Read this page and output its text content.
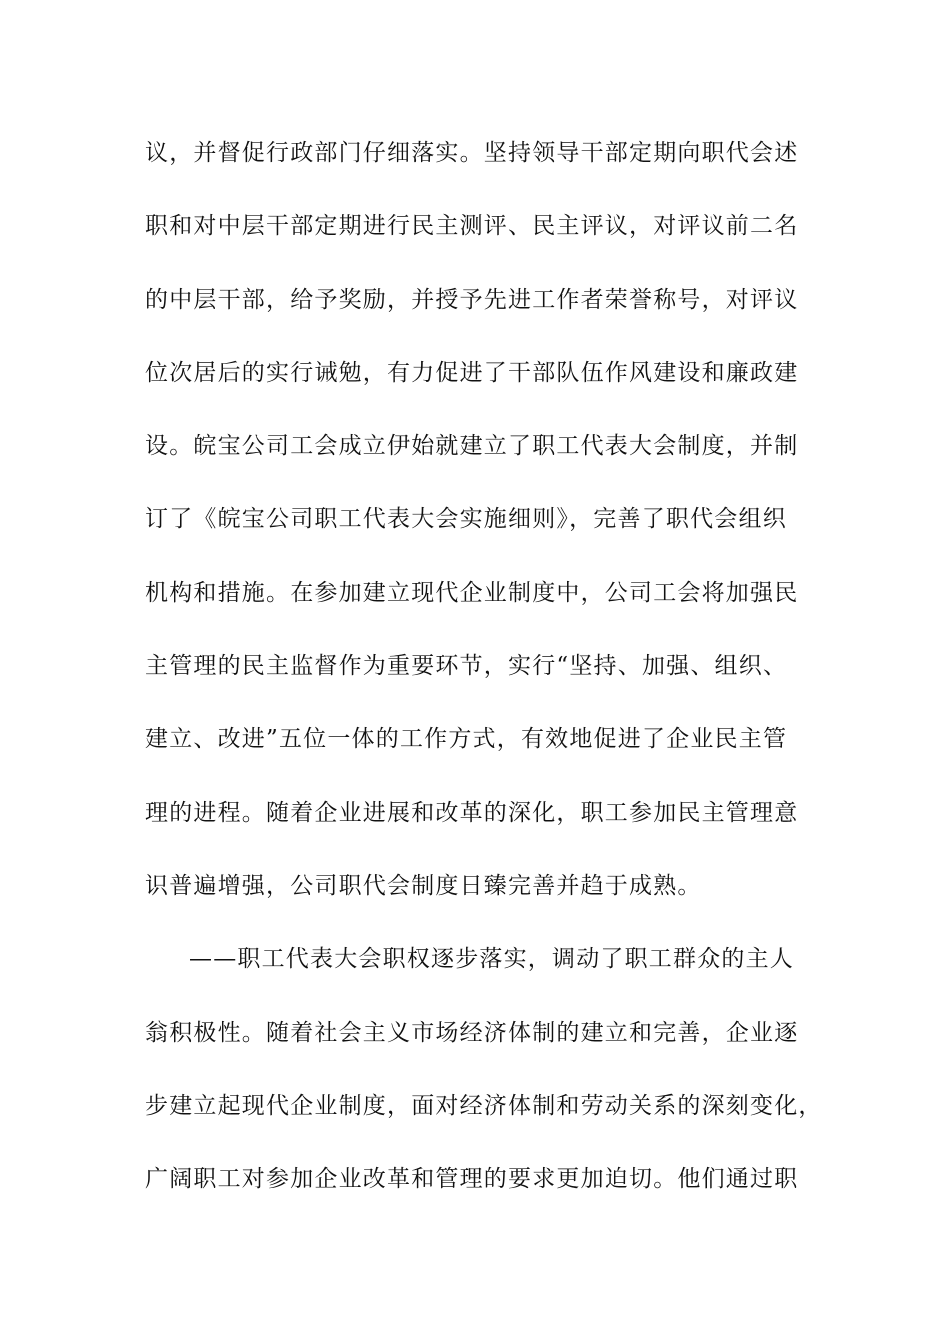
议，并督促行政部门仔细落实。坚持领导干部定期向职代会述
职和对中层干部定期进行民主测评、民主评议，对评议前二名
的中层干部，给予奖励，并授予先进工作者荣誉称号，对评议
位次居后的实行诫勉，有力促进了干部队伍作风建设和廉政建
设。皖宝公司工会成立伊始就建立了职工代表大会制度，并制
订了《皖宝公司职工代表大会实施细则》，完善了职代会组织
机构和措施。在参加建立现代企业制度中，公司工会将加强民
主管理的民主监督作为重要环节，实行“坚持、加强、组织、
建立、改进”五位一体的工作方式，有效地促进了企业民主管
理的进程。随着企业进展和改革的深化，职工参加民主管理意
识普遍增强，公司职代会制度日臻完善并趋于成熟。
——职工代表大会职权逐步落实，调动了职工群众的主人
翁积极性。随着社会主义市场经济体制的建立和完善，企业逐
步建立起现代企业制度，面对经济体制和劳动关系的深刻变化，
广阔职工对参加企业改革和管理的要求更加迫切。他们通过职
